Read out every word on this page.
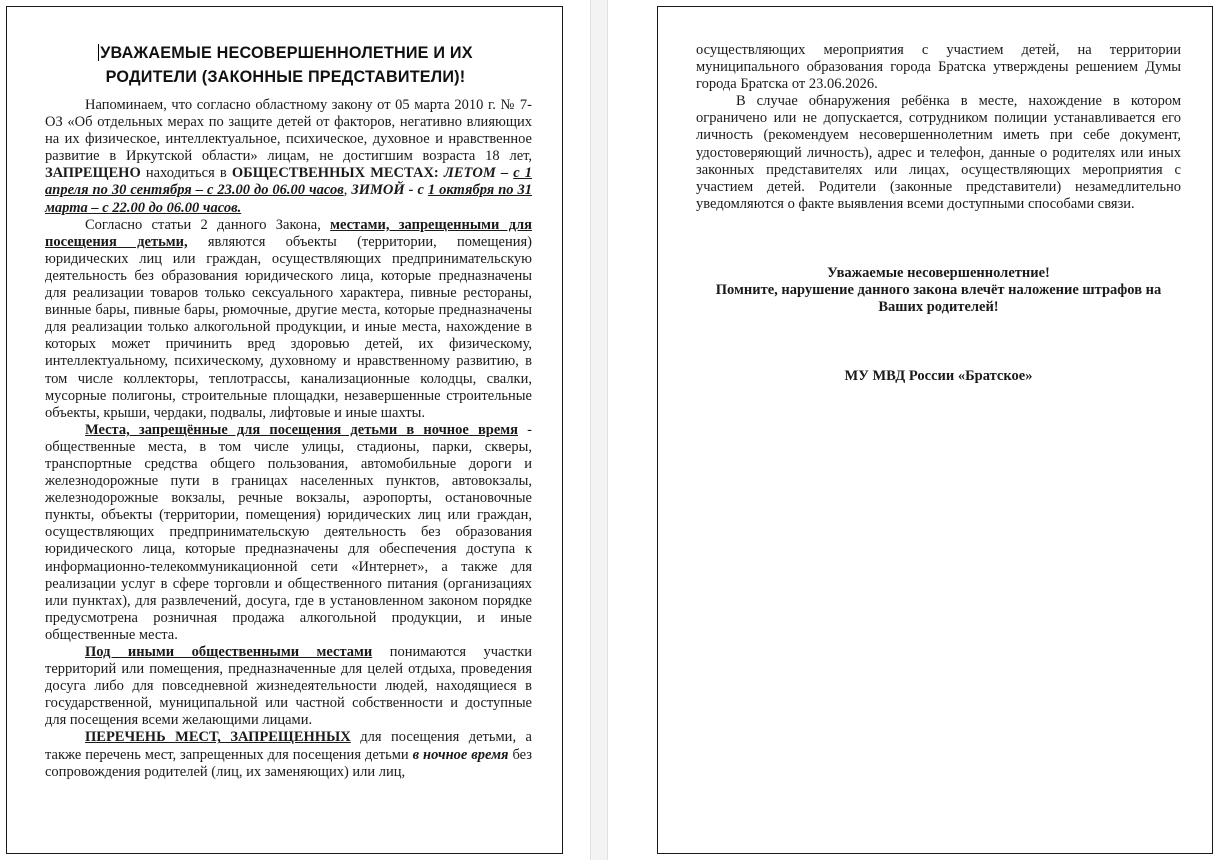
УВАЖАЕМЫЕ НЕСОВЕРШЕННОЛЕТНИЕ И ИХ
РОДИТЕЛИ (ЗАКОННЫЕ ПРЕДСТАВИТЕЛИ)!

Напоминаем, что согласно областному закону от 05 марта 2010 г. № 7-ОЗ «Об отдельных мерах по защите детей от факторов, негативно влияющих на их физическое, интеллектуальное, психическое, духовное и нравственное развитие в Иркутской области» лицам, не достигшим возраста 18 лет, ЗАПРЕЩЕНО находиться в ОБЩЕСТВЕННЫХ МЕСТАХ: ЛЕТОМ – с 1 апреля по 30 сентября – с 23.00 до 06.00 часов, ЗИМОЙ - с 1 октября по 31 марта – с 22.00 до 06.00 часов.

Согласно статьи 2 данного Закона, местами, запрещенными для посещения детьми, являются объекты (территории, помещения) юридических лиц или граждан, осуществляющих предпринимательскую деятельность без образования юридического лица, которые предназначены для реализации товаров только сексуального характера, пивные рестораны, винные бары, пивные бары, рюмочные, другие места, которые предназначены для реализации только алкогольной продукции, и иные места, нахождение в которых может причинить вред здоровью детей, их физическому, интеллектуальному, психическому, духовному и нравственному развитию, в том числе коллекторы, теплотрассы, канализационные колодцы, свалки, мусорные полигоны, строительные площадки, незавершенные строительные объекты, крыши, чердаки, подвалы, лифтовые и иные шахты.

Места, запрещённые для посещения детьми в ночное время - общественные места, в том числе улицы, стадионы, парки, скверы, транспортные средства общего пользования, автомобильные дороги и железнодорожные пути в границах населенных пунктов, автовокзалы, железнодорожные вокзалы, речные вокзалы, аэропорты, остановочные пункты, объекты (территории, помещения) юридических лиц или граждан, осуществляющих предпринимательскую деятельность без образования юридического лица, которые предназначены для обеспечения доступа к информационно-телекоммуникационной сети «Интернет», а также для реализации услуг в сфере торговли и общественного питания (организациях или пунктах), для развлечений, досуга, где в установленном законом порядке предусмотрена розничная продажа алкогольной продукции, и иные общественные места.

Под иными общественными местами понимаются участки территорий или помещения, предназначенные для целей отдыха, проведения досуга либо для повседневной жизнедеятельности людей, находящиеся в государственной, муниципальной или частной собственности и доступные для посещения всеми желающими лицами.

ПЕРЕЧЕНЬ МЕСТ, ЗАПРЕЩЕННЫХ для посещения детьми, а также перечень мест, запрещенных для посещения детьми в ночное время без сопровождения родителей (лиц, их заменяющих) или лиц,

осуществляющих мероприятия с участием детей, на территории муниципального образования города Братска утверждены решением Думы города Братска от 23.06.2026.

В случае обнаружения ребёнка в месте, нахождение в котором ограничено или не допускается, сотрудником полиции устанавливается его личность (рекомендуем несовершеннолетним иметь при себе документ, удостоверяющий личность), адрес и телефон, данные о родителях или иных законных представителях или лицах, осуществляющих мероприятия с участием детей. Родители (законные представители) незамедлительно уведомляются о факте выявления всеми доступными способами связи.

Уважаемые несовершеннолетние!
Помните, нарушение данного закона влечёт наложение штрафов на
Ваших родителей!
МУ МВД России «Братское»
